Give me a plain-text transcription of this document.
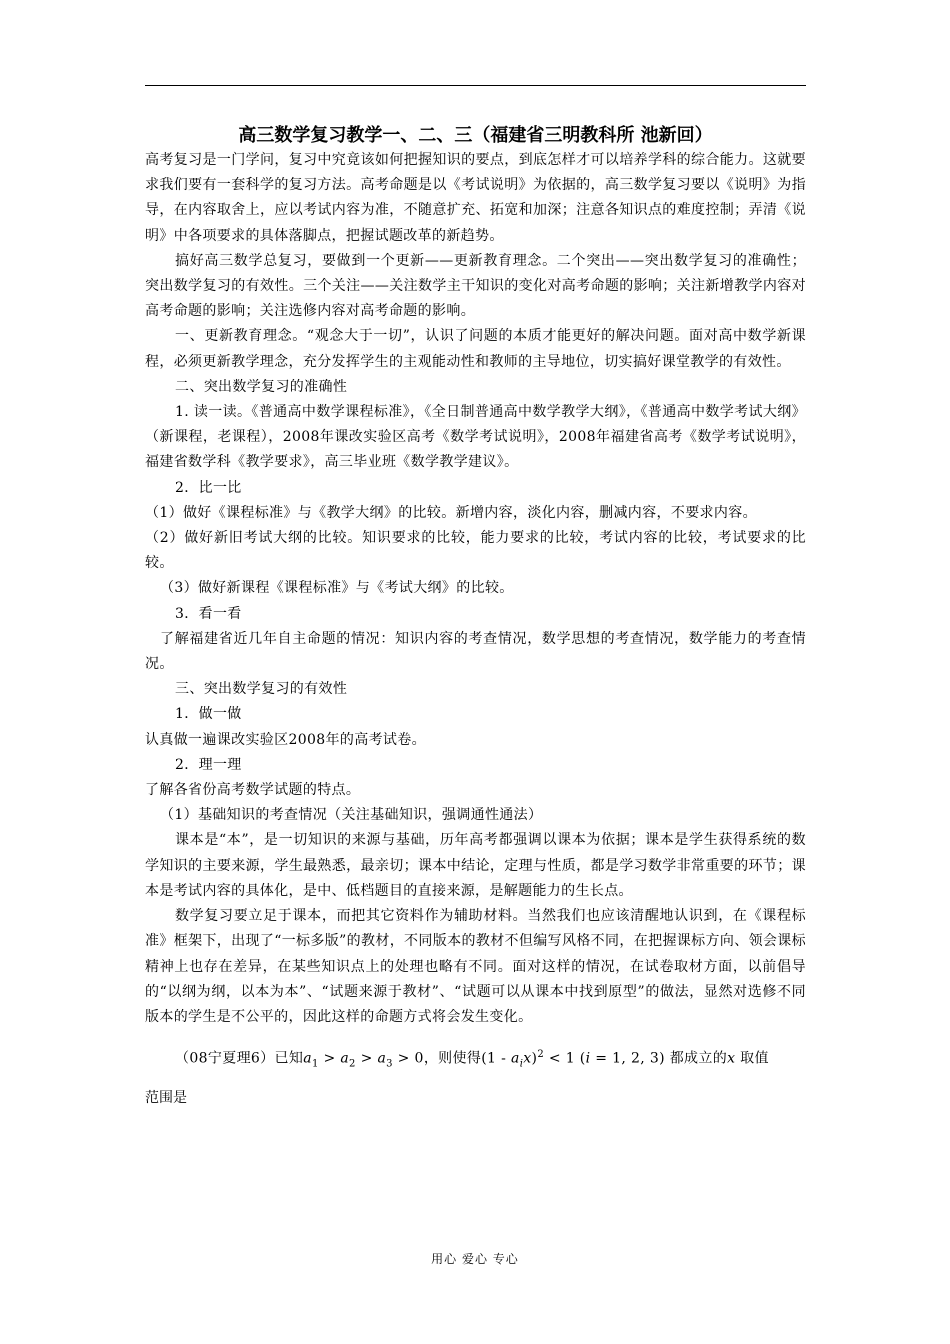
高三数学复习教学一、二、三（福建省三明教科所 池新回）

高考复习是一门学问，复习中究竟该如何把握知识的要点，到底怎样才可以培养学科的综合能力。这就要求我们要有一套科学的复习方法。高考命题是以《考试说明》为依据的，高三数学复习要以《说明》为指导，在内容取舍上，应以考试内容为准，不随意扩充、拓宽和加深；注意各知识点的难度控制；弄清《说明》中各项要求的具体落脚点，把握试题改革的新趋势。

搞好高三数学总复习，要做到一个更新——更新教育理念。二个突出——突出数学复习的准确性；突出数学复习的有效性。三个关注——关注数学主干知识的变化对高考命题的影响；关注新增教学内容对高考命题的影响；关注选修内容对高考命题的影响。

一、更新教育理念。“观念大于一切”，认识了问题的本质才能更好的解决问题。面对高中数学新课程，必须更新教学理念，充分发挥学生的主观能动性和教师的主导地位，切实搞好课堂教学的有效性。

二、突出数学复习的准确性

1. 读一读。《普通高中数学课程标准》，《全日制普通高中数学教学大纲》，《普通高中数学考试大纲》（新课程，老课程），2008年课改实验区高考《数学考试说明》，2008年福建省高考《数学考试说明》，福建省数学科《教学要求》，高三毕业班《数学教学建议》。

2．比一比

（1）做好《课程标准》与《教学大纲》的比较。新增内容，淡化内容，删减内容，不要求内容。

（2）做好新旧考试大纲的比较。知识要求的比较，能力要求的比较，考试内容的比较，考试要求的比较。

（3）做好新课程《课程标准》与《考试大纲》的比较。

3．看一看

了解福建省近几年自主命题的情况：知识内容的考查情况，数学思想的考查情况，数学能力的考查情况。

三、突出数学复习的有效性

1．做一做

认真做一遍课改实验区2008年的高考试卷。

2．理一理

了解各省份高考数学试题的特点。

（1）基础知识的考查情况（关注基础知识，强调通性通法）

课本是“本”，是一切知识的来源与基础，历年高考都强调以课本为依据；课本是学生获得系统的数学知识的主要来源，学生最熟悉，最亲切；课本中结论，定理与性质，都是学习数学非常重要的环节；课本是考试内容的具体化，是中、低档题目的直接来源，是解题能力的生长点。

数学复习要立足于课本，而把其它资料作为辅助材料。当然我们也应该清醒地认识到，在《课程标准》框架下，出现了“一标多版”的教材，不同版本的教材不但编写风格不同，在把握课标方向、领会课标精神上也存在差异，在某些知识点上的处理也略有不同。面对这样的情况，在试卷取材方面，以前倡导的“以纲为纲，以本为本”、“试题来源于教材”、“试题可以从课本中找到原型”的做法，显然对选修不同版本的学生是不公平的，因此这样的命题方式将会发生变化。

（08宁夏理6）已知$a_1 > a_2 > a_3 > 0$，则使得$(1 - a_ix)^2 < 1$ (i = 1, 2, 3) 都成立的x 取值
范围是
用心 爱心 专心
